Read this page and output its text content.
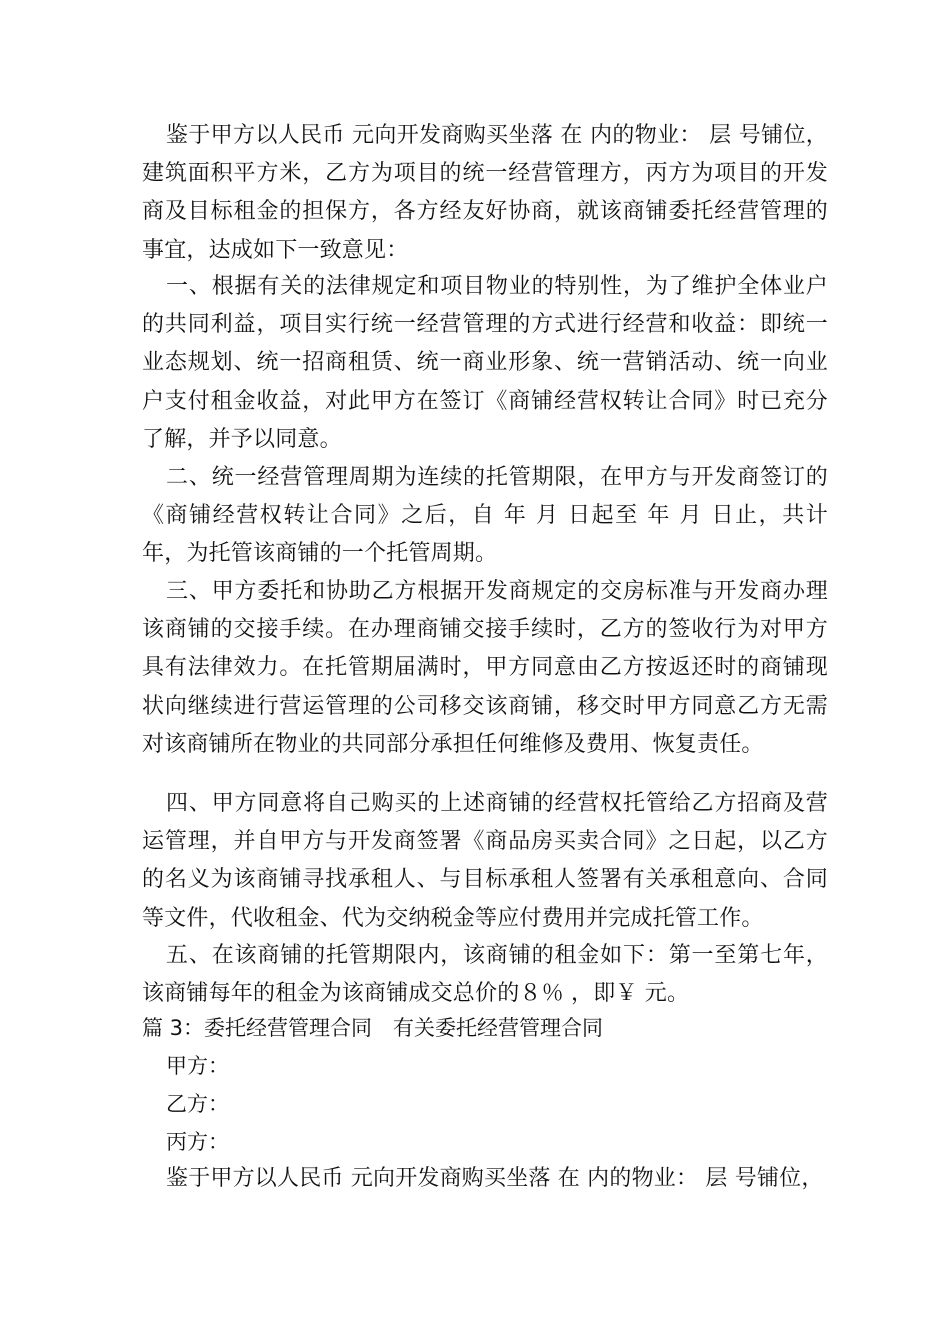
鉴于甲方以人民币 元向开发商购买坐落 在 内的物业： 层 号铺位，建筑面积平方米，乙方为项目的统一经营管理方，丙方为项目的开发商及目标租金的担保方，各方经友好协商，就该商铺委托经营管理的事宜，达成如下一致意见：

一、根据有关的法律规定和项目物业的特别性，为了维护全体业户的共同利益，项目实行统一经营管理的方式进行经营和收益：即统一业态规划、统一招商租赁、统一商业形象、统一营销活动、统一向业户支付租金收益，对此甲方在签订《商铺经营权转让合同》时已充分了解，并予以同意。

二、统一经营管理周期为连续的托管期限，在甲方与开发商签订的《商铺经营权转让合同》之后，自 年 月 日起至 年 月 日止，共计 年，为托管该商铺的一个托管周期。

三、甲方委托和协助乙方根据开发商规定的交房标准与开发商办理该商铺的交接手续。在办理商铺交接手续时，乙方的签收行为对甲方具有法律效力。在托管期届满时，甲方同意由乙方按返还时的商铺现状向继续进行营运管理的公司移交该商铺，移交时甲方同意乙方无需对该商铺所在物业的共同部分承担任何维修及费用、恢复责任。

四、甲方同意将自己购买的上述商铺的经营权托管给乙方招商及营运管理，并自甲方与开发商签署《商品房买卖合同》之日起，以乙方的名义为该商铺寻找承租人、与目标承租人签署有关承租意向、合同等文件，代收租金、代为交纳税金等应付费用并完成托管工作。

五、在该商铺的托管期限内，该商铺的租金如下：第一至第七年，该商铺每年的租金为该商铺成交总价的８％ ，即￥ 元。

篇 3：委托经营管理合同　有关委托经营管理合同

甲方：

乙方：

丙方：

鉴于甲方以人民币 元向开发商购买坐落 在 内的物业： 层 号铺位，
